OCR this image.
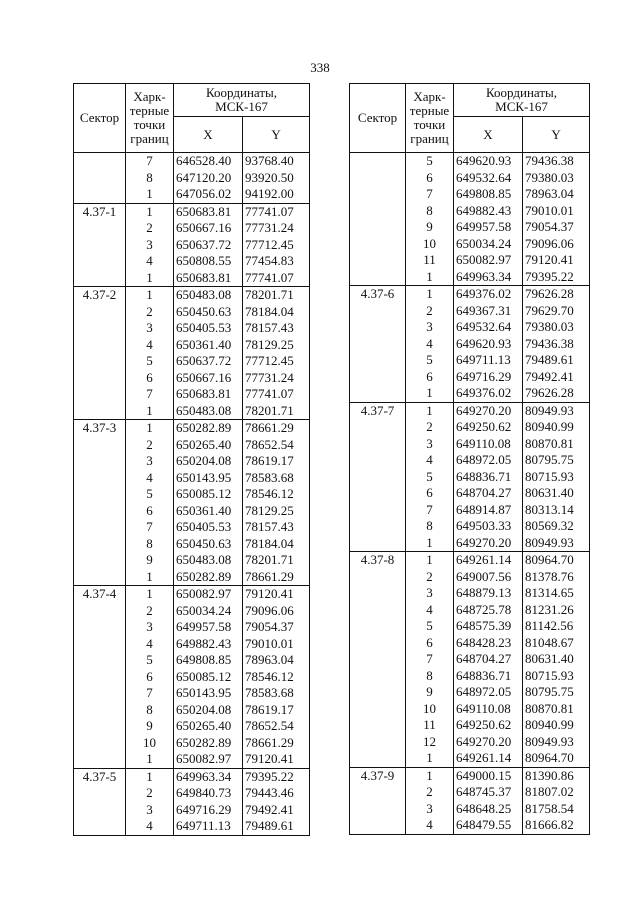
338
Сектор	Харк-
терные
точки
границ	Координаты,
МСК-167	
		X	Y
	7	646528.40	93768.40
	8	647120.20	93920.50
	1	647056.02	94192.00
4.37-1	1	650683.81	77741.07
	2	650667.16	77731.24
	3	650637.72	77712.45
	4	650808.55	77454.83
	1	650683.81	77741.07
4.37-2	1	650483.08	78201.71
	2	650450.63	78184.04
	3	650405.53	78157.43
	4	650361.40	78129.25
	5	650637.72	77712.45
	6	650667.16	77731.24
	7	650683.81	77741.07
	1	650483.08	78201.71
4.37-3	1	650282.89	78661.29
	2	650265.40	78652.54
	3	650204.08	78619.17
	4	650143.95	78583.68
	5	650085.12	78546.12
	6	650361.40	78129.25
	7	650405.53	78157.43
	8	650450.63	78184.04
	9	650483.08	78201.71
	1	650282.89	78661.29
4.37-4	1	650082.97	79120.41
	2	650034.24	79096.06
	3	649957.58	79054.37
	4	649882.43	79010.01
	5	649808.85	78963.04
	6	650085.12	78546.12
	7	650143.95	78583.68
	8	650204.08	78619.17
	9	650265.40	78652.54
	10	650282.89	78661.29
	1	650082.97	79120.41
4.37-5	1	649963.34	79395.22
	2	649840.73	79443.46
	3	649716.29	79492.41
	4	649711.13	79489.61
Сектор	Харк-
терные
точки
границ	Координаты,
МСК-167	
		X	Y
	5	649620.93	79436.38
	6	649532.64	79380.03
	7	649808.85	78963.04
	8	649882.43	79010.01
	9	649957.58	79054.37
	10	650034.24	79096.06
	11	650082.97	79120.41
	1	649963.34	79395.22
4.37-6	1	649376.02	79626.28
	2	649367.31	79629.70
	3	649532.64	79380.03
	4	649620.93	79436.38
	5	649711.13	79489.61
	6	649716.29	79492.41
	1	649376.02	79626.28
4.37-7	1	649270.20	80949.93
	2	649250.62	80940.99
	3	649110.08	80870.81
	4	648972.05	80795.75
	5	648836.71	80715.93
	6	648704.27	80631.40
	7	648914.87	80313.14
	8	649503.33	80569.32
	1	649270.20	80949.93
4.37-8	1	649261.14	80964.70
	2	649007.56	81378.76
	3	648879.13	81314.65
	4	648725.78	81231.26
	5	648575.39	81142.56
	6	648428.23	81048.67
	7	648704.27	80631.40
	8	648836.71	80715.93
	9	648972.05	80795.75
	10	649110.08	80870.81
	11	649250.62	80940.99
	12	649270.20	80949.93
	1	649261.14	80964.70
4.37-9	1	649000.15	81390.86
	2	648745.37	81807.02
	3	648648.25	81758.54
	4	648479.55	81666.82
